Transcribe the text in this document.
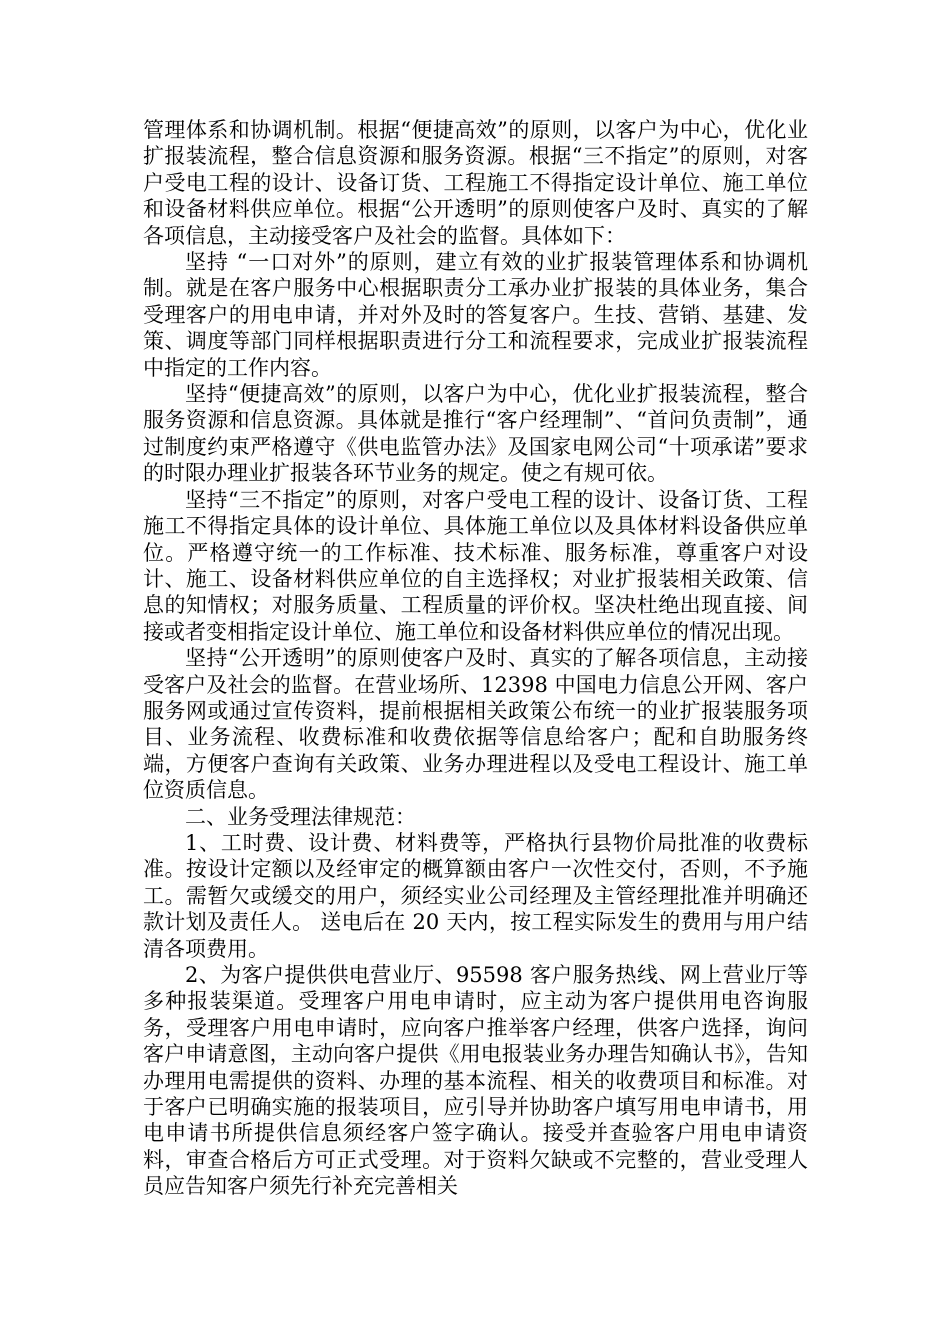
管理体系和协调机制。根据“便捷高效”的原则，以客户为中心，优化业扩报装流程，整合信息资源和服务资源。根据“三不指定”的原则，对客户受电工程的设计、设备订货、工程施工不得指定设计单位、施工单位和设备材料供应单位。根据“公开透明”的原则使客户及时、真实的了解各项信息，主动接受客户及社会的监督。具体如下：

坚持 “一口对外”的原则，建立有效的业扩报装管理体系和协调机制。就是在客户服务中心根据职责分工承办业扩报装的具体业务，集合受理客户的用电申请，并对外及时的答复客户。生技、营销、基建、发策、调度等部门同样根据职责进行分工和流程要求，完成业扩报装流程中指定的工作内容。

坚持“便捷高效”的原则，以客户为中心，优化业扩报装流程，整合服务资源和信息资源。具体就是推行“客户经理制”、“首问负责制”，通过制度约束严格遵守《供电监管办法》及国家电网公司“十项承诺”要求的时限办理业扩报装各环节业务的规定。使之有规可依。

坚持“三不指定”的原则，对客户受电工程的设计、设备订货、工程施工不得指定具体的设计单位、具体施工单位以及具体材料设备供应单位。严格遵守统一的工作标准、技术标准、服务标准，尊重客户对设计、施工、设备材料供应单位的自主选择权；对业扩报装相关政策、信息的知情权；对服务质量、工程质量的评价权。坚决杜绝出现直接、间接或者变相指定设计单位、施工单位和设备材料供应单位的情况出现。

坚持“公开透明”的原则使客户及时、真实的了解各项信息，主动接受客户及社会的监督。在营业场所、12398 中国电力信息公开网、客户服务网或通过宣传资料，提前根据相关政策公布统一的业扩报装服务项目、业务流程、收费标准和收费依据等信息给客户；配和自助服务终端，方便客户查询有关政策、业务办理进程以及受电工程设计、施工单位资质信息。

二、业务受理法律规范：

1、工时费、设计费、材料费等，严格执行县物价局批准的收费标准。按设计定额以及经审定的概算额由客户一次性交付，否则，不予施工。需暂欠或缓交的用户，须经实业公司经理及主管经理批准并明确还款计划及责任人。 送电后在 20 天内，按工程实际发生的费用与用户结清各项费用。

2、为客户提供供电营业厅、95598 客户服务热线、网上营业厅等多种报装渠道。受理客户用电申请时，应主动为客户提供用电咨询服务，受理客户用电申请时，应向客户推举客户经理，供客户选择，询问客户申请意图，主动向客户提供《用电报装业务办理告知确认书》，告知办理用电需提供的资料、办理的基本流程、相关的收费项目和标准。对于客户已明确实施的报装项目，应引导并协助客户填写用电申请书，用电申请书所提供信息须经客户签字确认。接受并查验客户用电申请资料，审查合格后方可正式受理。对于资料欠缺或不完整的，营业受理人员应告知客户须先行补充完善相关
